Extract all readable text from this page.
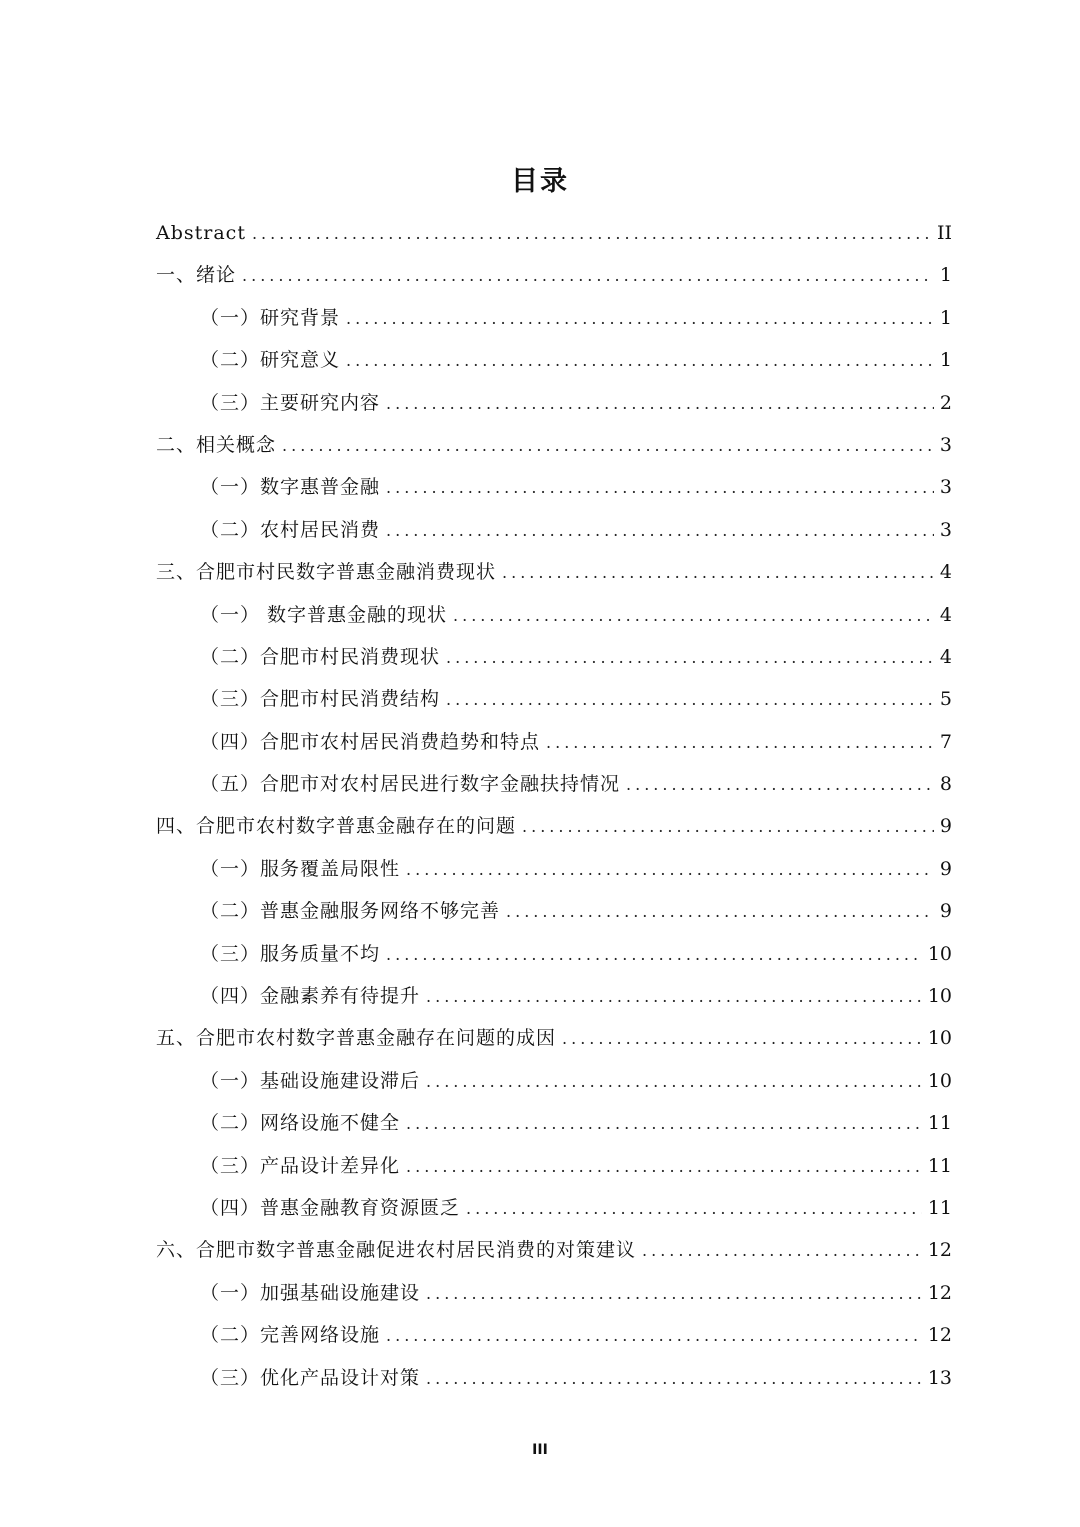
目录
Abstract .....	II
一、绪论 .....	1
（一）研究背景 .....	1
（二）研究意义 .....	1
（三）主要研究内容 .....	2
二、相关概念 .....	3
（一）数字惠普金融 .....	3
（二）农村居民消费 .....	3
三、合肥市村民数字普惠金融消费现状 .....	4
（一） 数字普惠金融的现状 .....	4
（二）合肥市村民消费现状 .....	4
（三）合肥市村民消费结构 .....	5
（四）合肥市农村居民消费趋势和特点 .....	7
（五）合肥市对农村居民进行数字金融扶持情况 .....	8
四、合肥市农村数字普惠金融存在的问题 .....	9
（一）服务覆盖局限性 .....	9
（二）普惠金融服务网络不够完善 .....	9
（三）服务质量不均 .....	10
（四）金融素养有待提升 .....	10
五、合肥市农村数字普惠金融存在问题的成因 .....	10
（一）基础设施建设滞后 .....	10
（二）网络设施不健全 .....	11
（三）产品设计差异化 .....	11
（四）普惠金融教育资源匮乏 .....	11
六、合肥市数字普惠金融促进农村居民消费的对策建议 .....	12
（一）加强基础设施建设 .....	12
（二）完善网络设施 .....	12
（三）优化产品设计对策 .....	13
III
